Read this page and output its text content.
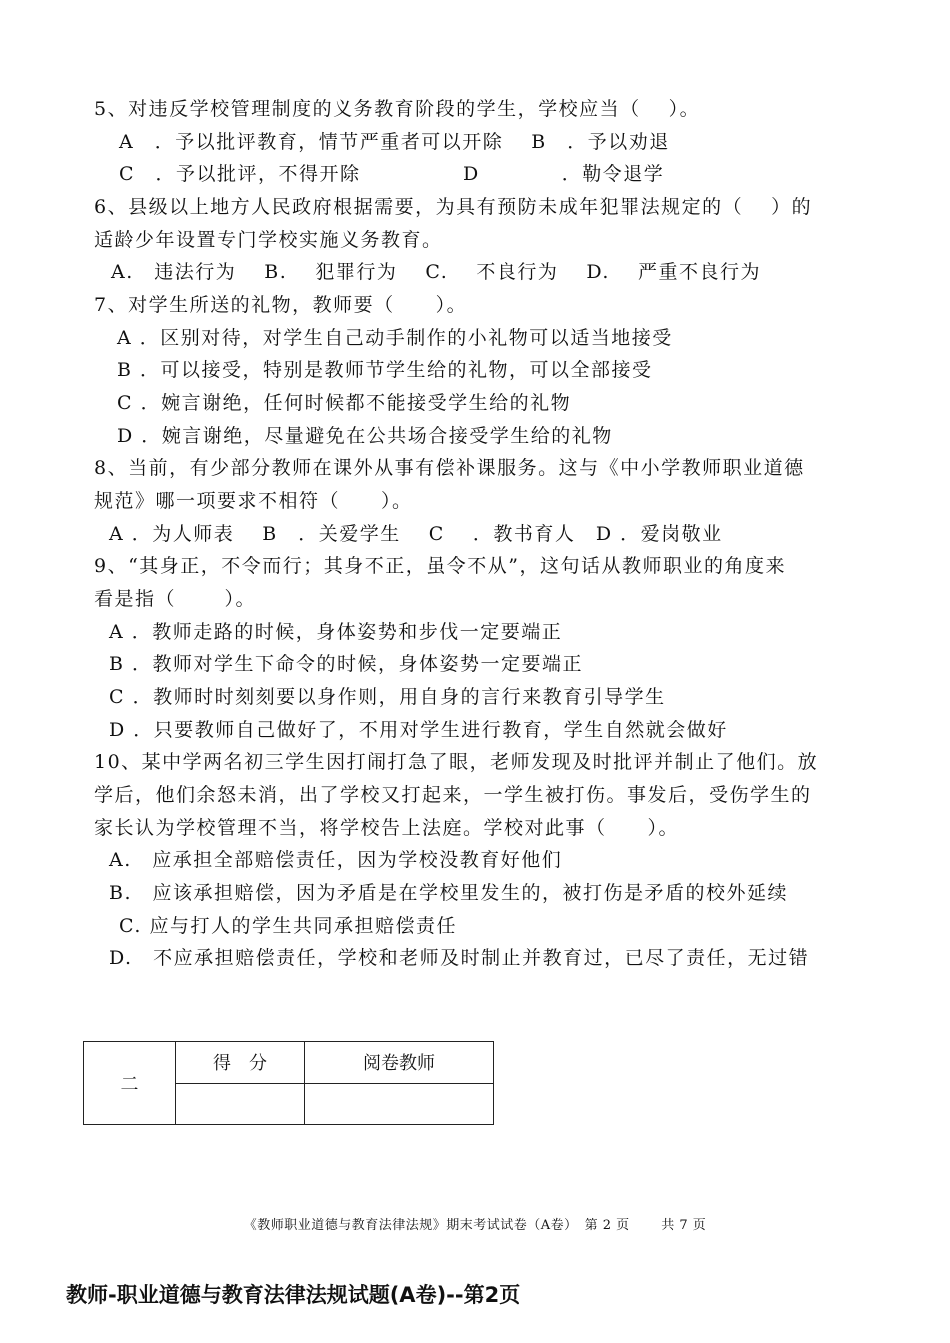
5、对违反学校管理制度的义务教育阶段的学生，学校应当（　 ）。
A　．予以批评教育，情节严重者可以开除　 B　．予以劝退
C　．予以批评，不得开除　　　　　D　　　　．勒令退学
6、县级以上地方人民政府根据需要，为具有预防未成年犯罪法规定的（　 ）的
适龄少年设置专门学校实施义务教育。
A.　违法行为　 B.　 犯罪行为　 C.　 不良行为　 D.　 严重不良行为
7、对学生所送的礼物，教师要（　　）。
A ．区别对待，对学生自己动手制作的小礼物可以适当地接受
B ．可以接受，特别是教师节学生给的礼物，可以全部接受
C ．婉言谢绝，任何时候都不能接受学生给的礼物
D ．婉言谢绝，尽量避免在公共场合接受学生给的礼物
8、当前，有少部分教师在课外从事有偿补课服务。这与《中小学教师职业道德
规范》哪一项要求不相符（　　）。
A ．为人师表　 B　．关爱学生　 C　 ．教书育人　D ．爱岗敬业
9、“其身正，不令而行；其身不正，虽令不从”，这句话从教师职业的角度来
看是指（　　 ）。
A ．教师走路的时候，身体姿势和步伐一定要端正
B ．教师对学生下命令的时候，身体姿势一定要端正
C ．教师时时刻刻要以身作则，用自身的言行来教育引导学生
D ．只要教师自己做好了，不用对学生进行教育，学生自然就会做好
10、某中学两名初三学生因打闹打急了眼，老师发现及时批评并制止了他们。放
学后，他们余怒未消，出了学校又打起来，一学生被打伤。事发后，受伤学生的
家长认为学校管理不当，将学校告上法庭。学校对此事（　　）。
A.　应承担全部赔偿责任，因为学校没教育好他们
B.　应该承担赔偿，因为矛盾是在学校里发生的，被打伤是矛盾的校外延续
C. 应与打人的学生共同承担赔偿责任
D.　不应承担赔偿责任，学校和老师及时制止并教育过，已尽了责任，无过错
二	得　分	阅卷教师

《教师职业道德与教育法律法规》期末考试试卷（A卷）　第 2 页　　 共 7 页
教师-职业道德与教育法律法规试题(A卷)--第2页
